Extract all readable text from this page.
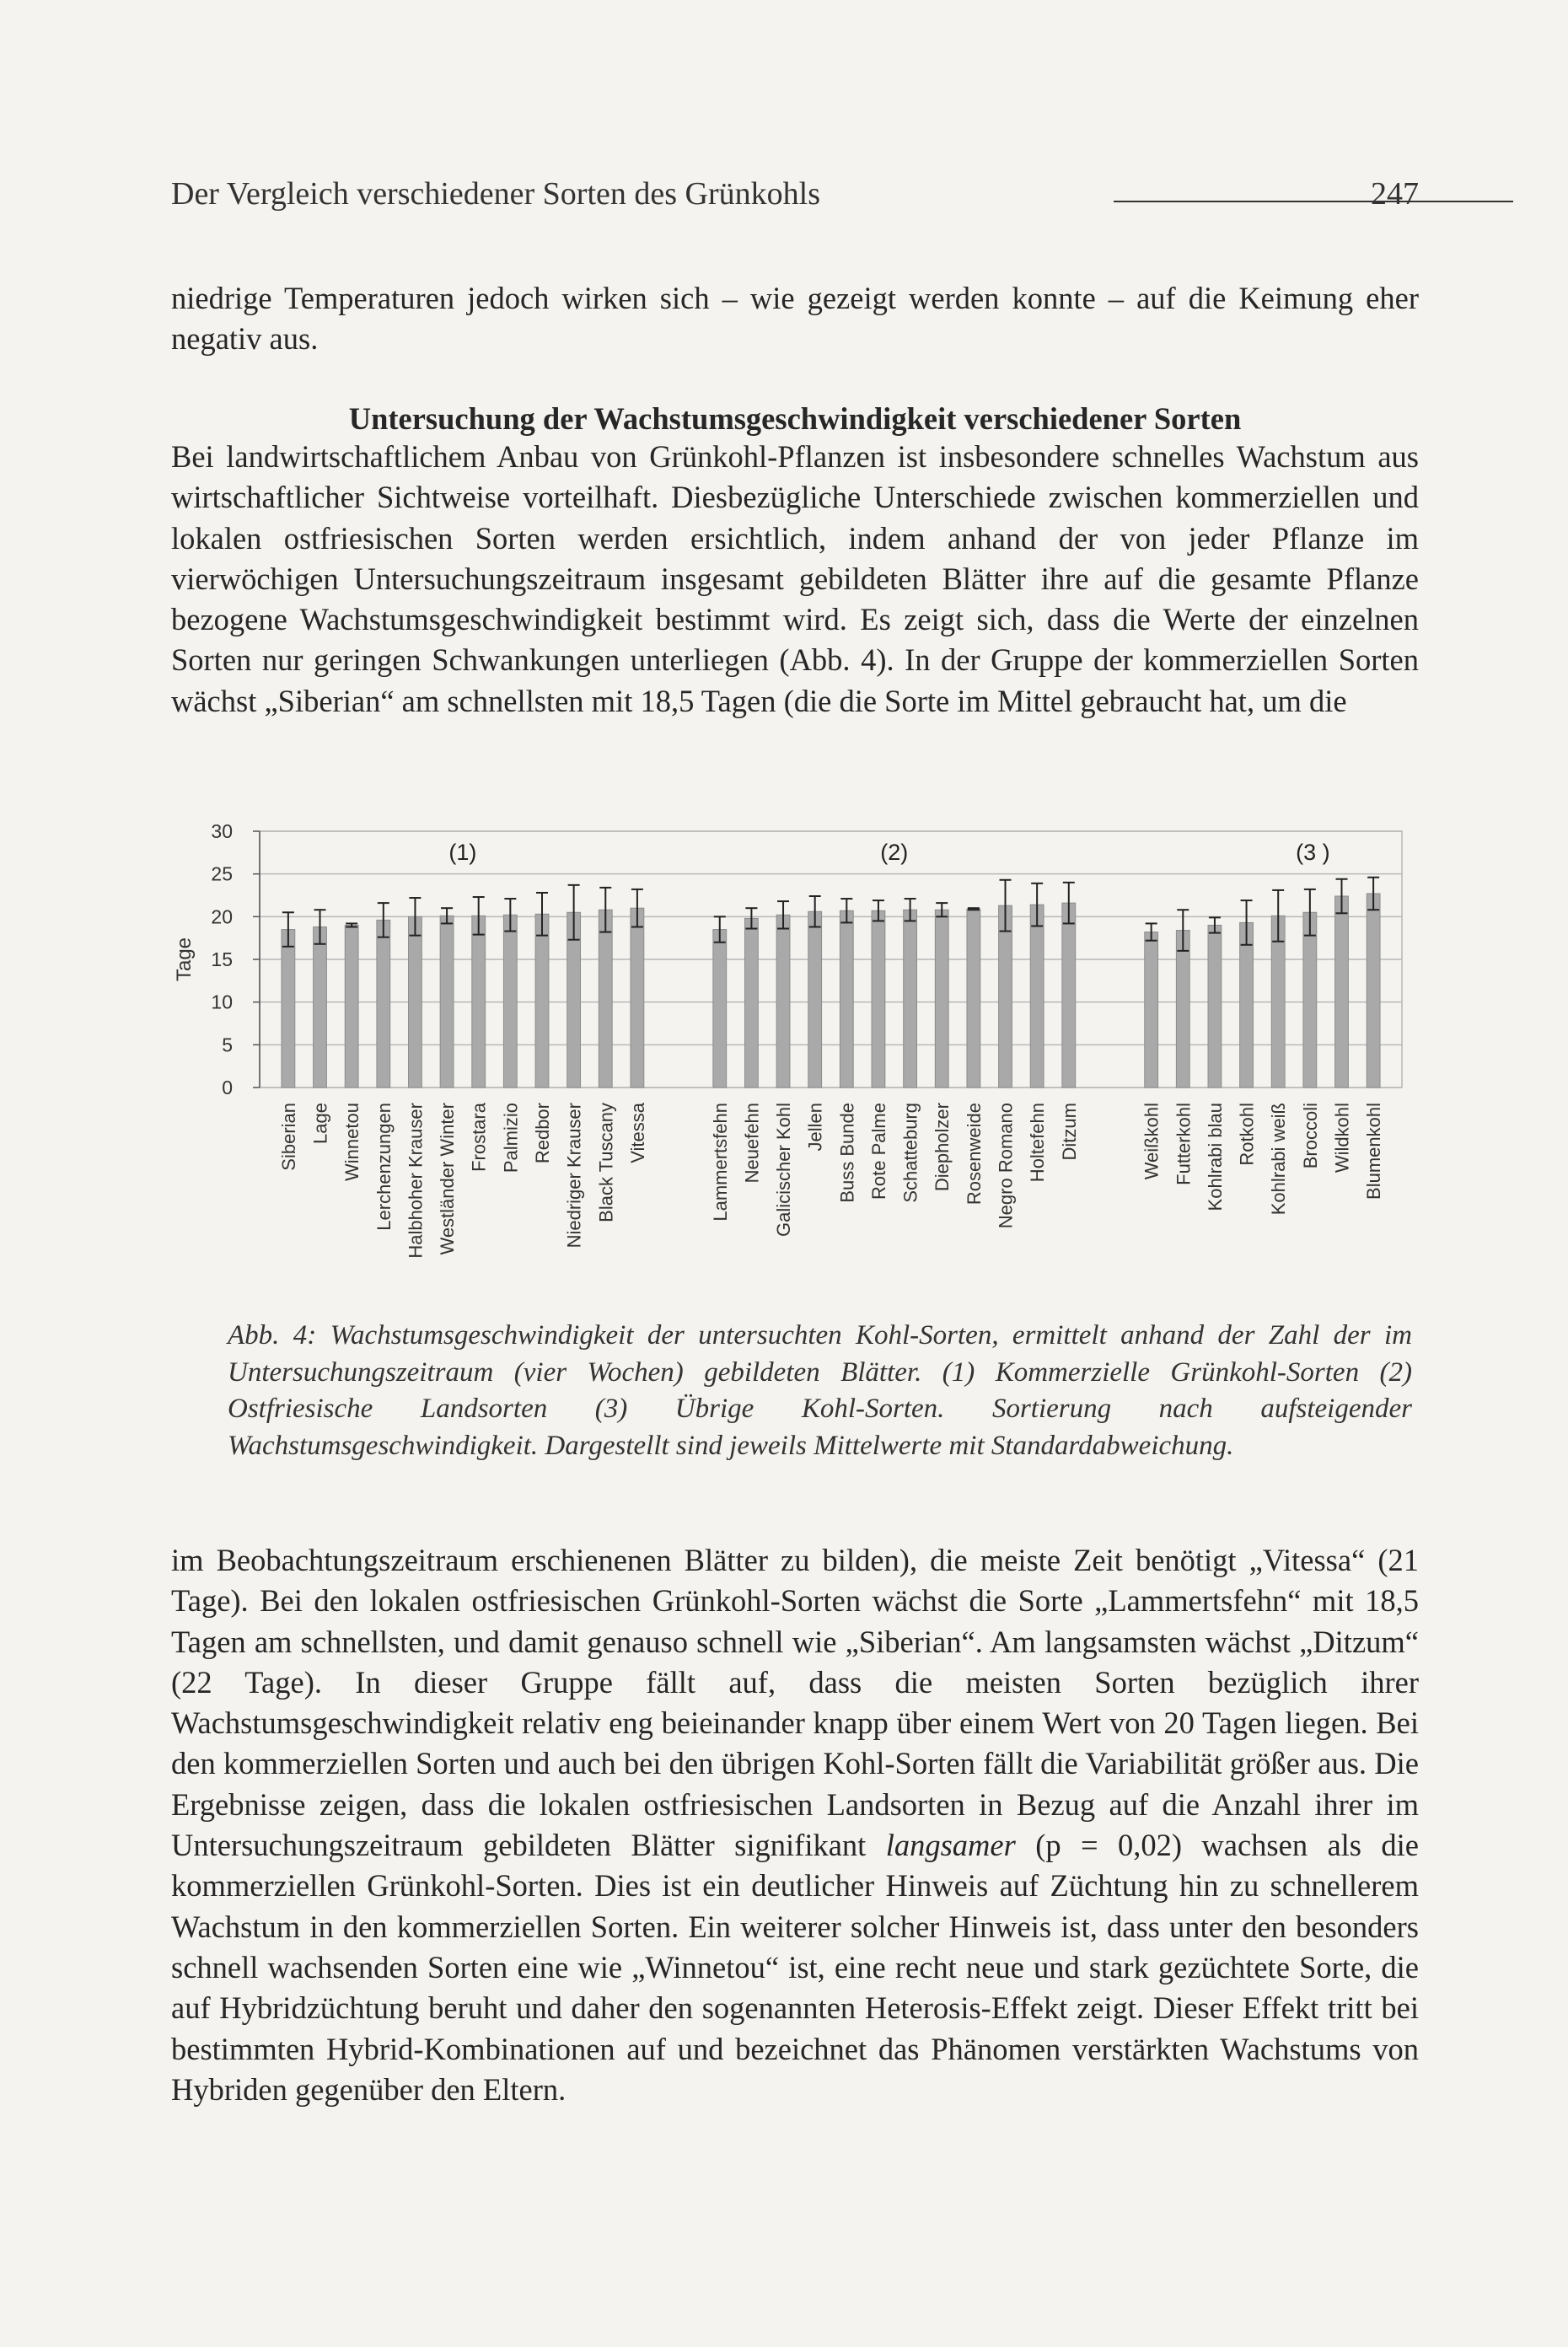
Der Vergleich verschiedener Sorten des Grünkohls	247

niedrige Temperaturen jedoch wirken sich – wie gezeigt werden konnte – auf die Keimung eher negativ aus.

Untersuchung der Wachstumsgeschwindigkeit verschiedener Sorten

Bei landwirtschaftlichem Anbau von Grünkohl-Pflanzen ist insbesondere schnelles Wachstum aus wirtschaftlicher Sichtweise vorteilhaft. Diesbezügliche Unterschiede zwischen kommerziellen und lokalen ostfriesischen Sorten werden ersichtlich, indem anhand der von jeder Pflanze im vierwöchigen Untersuchungszeitraum insgesamt gebildeten Blätter ihre auf die gesamte Pflanze bezogene Wachstumsgeschwindigkeit bestimmt wird. Es zeigt sich, dass die Werte der einzelnen Sorten nur geringen Schwankungen unterliegen (Abb. 4). In der Gruppe der kommerziellen Sorten wächst „Siberian“ am schnellsten mit 18,5 Tagen (die die Sorte im Mittel gebraucht hat, um die

0
5
10
15
20
25
30
Siberian Lage Winnetou Lerchenzungen Halbhoher Krauser Westländer Winter Frostara Palmizio Redbor Niedriger Krauser Black Tuscany Vitessa	Lammertsfehn Neuefehn Galicischer Kohl Jellen Buss Bunde Rote Palme Schatteburg Diepholzer Rosenweide Negro Romano Holtefehn Ditzum	Weißkohl Futterkohl Kohlrabi blau Rotkohl Kohlrabi weiß Broccoli Wildkohl Blumenkohl
(1)	(2)	(3 )
Tage

Abb. 4: Wachstumsgeschwindigkeit der untersuchten Kohl-Sorten, ermittelt anhand der Zahl der im Untersuchungszeitraum (vier Wochen) gebildeten Blätter. (1) Kommerzielle Grünkohl-Sorten (2) Ostfriesische Landsorten (3) Übrige Kohl-Sorten. Sortierung nach aufsteigender Wachstumsgeschwindigkeit. Dargestellt sind jeweils Mittelwerte mit Standardabweichung.

im Beobachtungszeitraum erschienenen Blätter zu bilden), die meiste Zeit benötigt „Vitessa“ (21 Tage). Bei den lokalen ostfriesischen Grünkohl-Sorten wächst die Sorte „Lammertsfehn“ mit 18,5 Tagen am schnellsten, und damit genauso schnell wie „Siberian“. Am langsamsten wächst „Ditzum“ (22 Tage). In dieser Gruppe fällt auf, dass die meisten Sorten bezüglich ihrer Wachstumsgeschwindigkeit relativ eng beieinander knapp über einem Wert von 20 Tagen liegen. Bei den kommerziellen Sorten und auch bei den übrigen Kohl-Sorten fällt die Variabilität größer aus. Die Ergebnisse zeigen, dass die lokalen ostfriesischen Landsorten in Bezug auf die Anzahl ihrer im Untersuchungszeitraum gebildeten Blätter signifikant langsamer (p = 0,02) wachsen als die kommerziellen Grünkohl-Sorten. Dies ist ein deutlicher Hinweis auf Züchtung hin zu schnellerem Wachstum in den kommerziellen Sorten. Ein weiterer solcher Hinweis ist, dass unter den besonders schnell wachsenden Sorten eine wie „Winnetou“ ist, eine recht neue und stark gezüchtete Sorte, die auf Hybridzüchtung beruht und daher den sogenannten Heterosis-Effekt zeigt. Dieser Effekt tritt bei bestimmten Hybrid-Kombinationen auf und bezeichnet das Phänomen verstärkten Wachstums von Hybriden gegenüber den Eltern.
